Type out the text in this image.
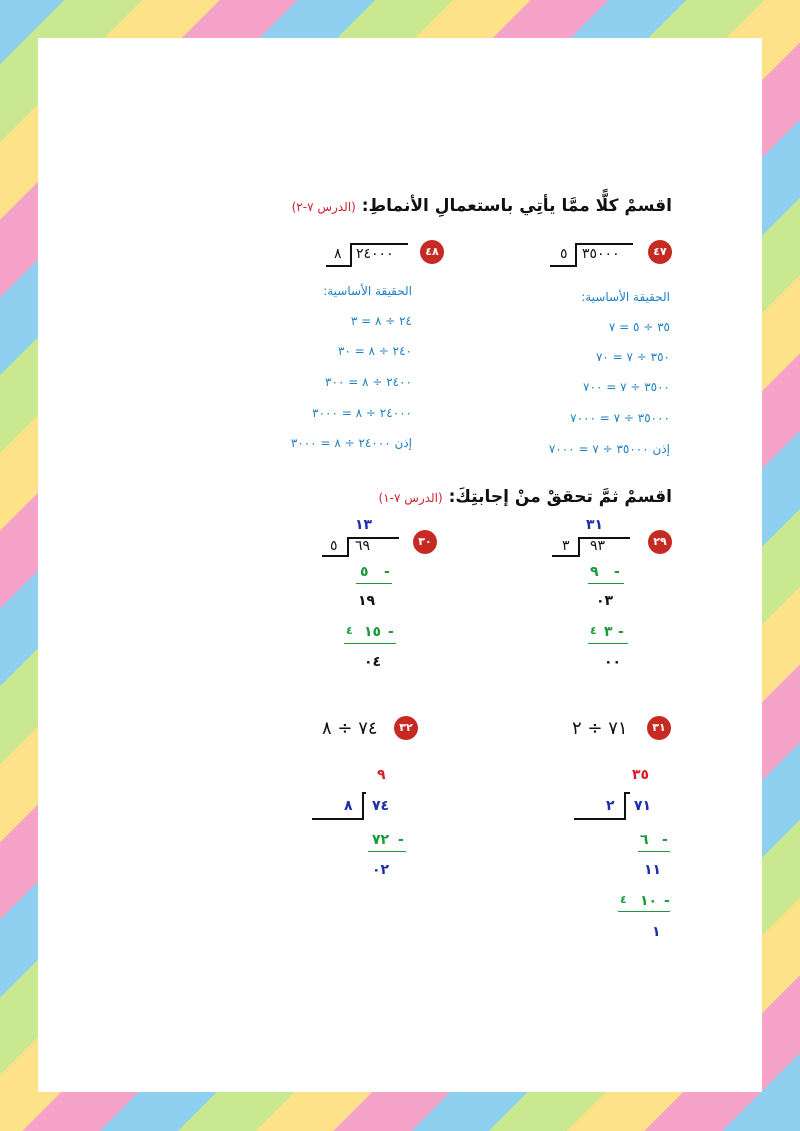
اقسمْ كلًّا ممَّا يأتِي باستعمالِ الأنماطِ: (الدرس ٧-٢)
٤٧
٣٥٠٠٠
٥
الحقيقة الأساسية:
٣٥ ÷ ٥ = ٧
٣٥٠ ÷ ٧ = ٧٠
٣٥٠٠ ÷ ٧ = ٧٠٠
٣٥٠٠٠ ÷ ٧ = ٧٠٠٠
إذن ٣٥٠٠٠ ÷ ٧ = ٧٠٠٠
٤٨
٢٤٠٠٠
٨
الحقيقة الأساسية:
٢٤ ÷ ٨ = ٣
٢٤٠ ÷ ٨ = ٣٠
٢٤٠٠ ÷ ٨ = ٣٠٠
٢٤٠٠٠ ÷ ٨ = ٣٠٠٠
إذن ٢٤٠٠٠ ÷ ٨ = ٣٠٠٠
اقسمْ ثمَّ تحققْ منْ إجابتِكَ: (الدرس ٧-١)
٢٩
٣١
٩٣
٣
-
٩
٠٣
-
٣
٤
٠٠
٣٠
١٣
٦٩
٥
-
٥
١٩
-
١٥
٤
٠٤
٣١
٧١ ÷ ٢
٣٥
٧١
٢
-
٦
١١
-
١٠
٤
١
٣٢
٧٤ ÷ ٨
٩
٧٤
٨
-
٧٢
٠٢
